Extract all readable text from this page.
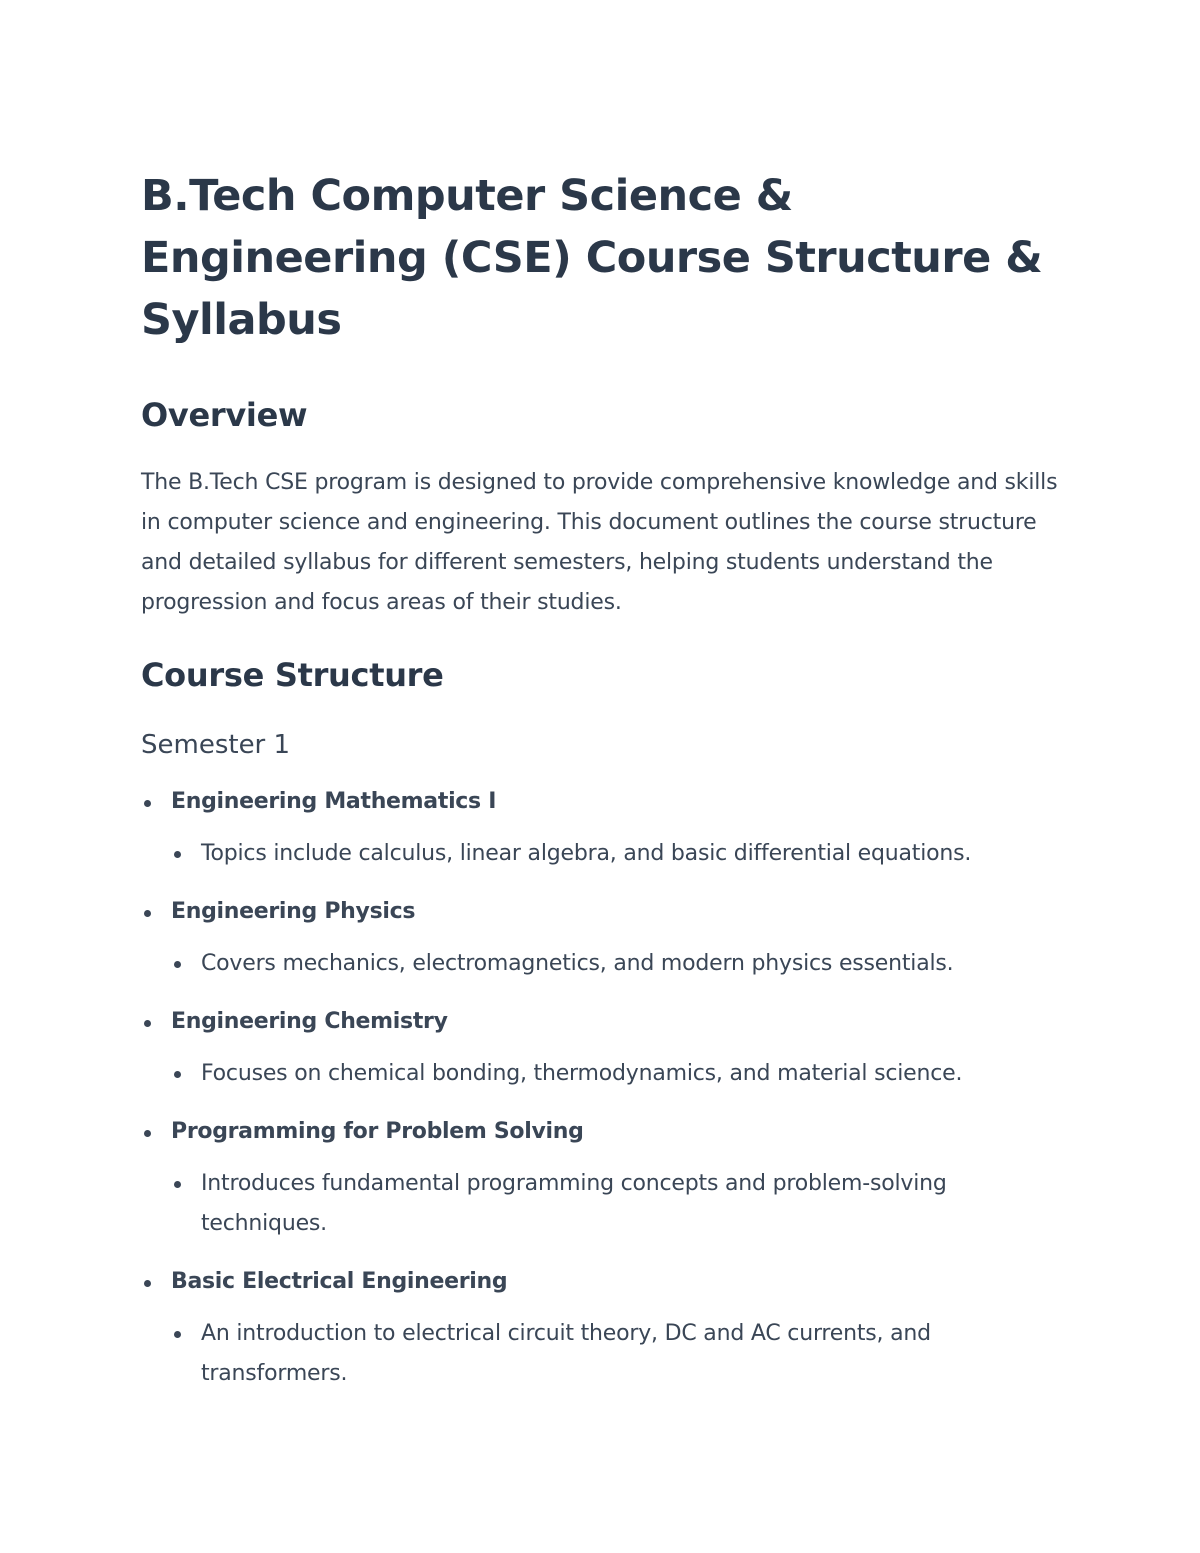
B.Tech Computer Science & Engineering (CSE) Course Structure & Syllabus
Overview

The B.Tech CSE program is designed to provide comprehensive knowledge and skills in computer science and engineering. This document outlines the course structure and detailed syllabus for different semesters, helping students understand the progression and focus areas of their studies.

Course Structure
Semester 1
Engineering Mathematics I
Topics include calculus, linear algebra, and basic differential equations.
Engineering Physics
Covers mechanics, electromagnetics, and modern physics essentials.
Engineering Chemistry
Focuses on chemical bonding, thermodynamics, and material science.
Programming for Problem Solving
Introduces fundamental programming concepts and problem-solving techniques.
Basic Electrical Engineering
An introduction to electrical circuit theory, DC and AC currents, and transformers.
